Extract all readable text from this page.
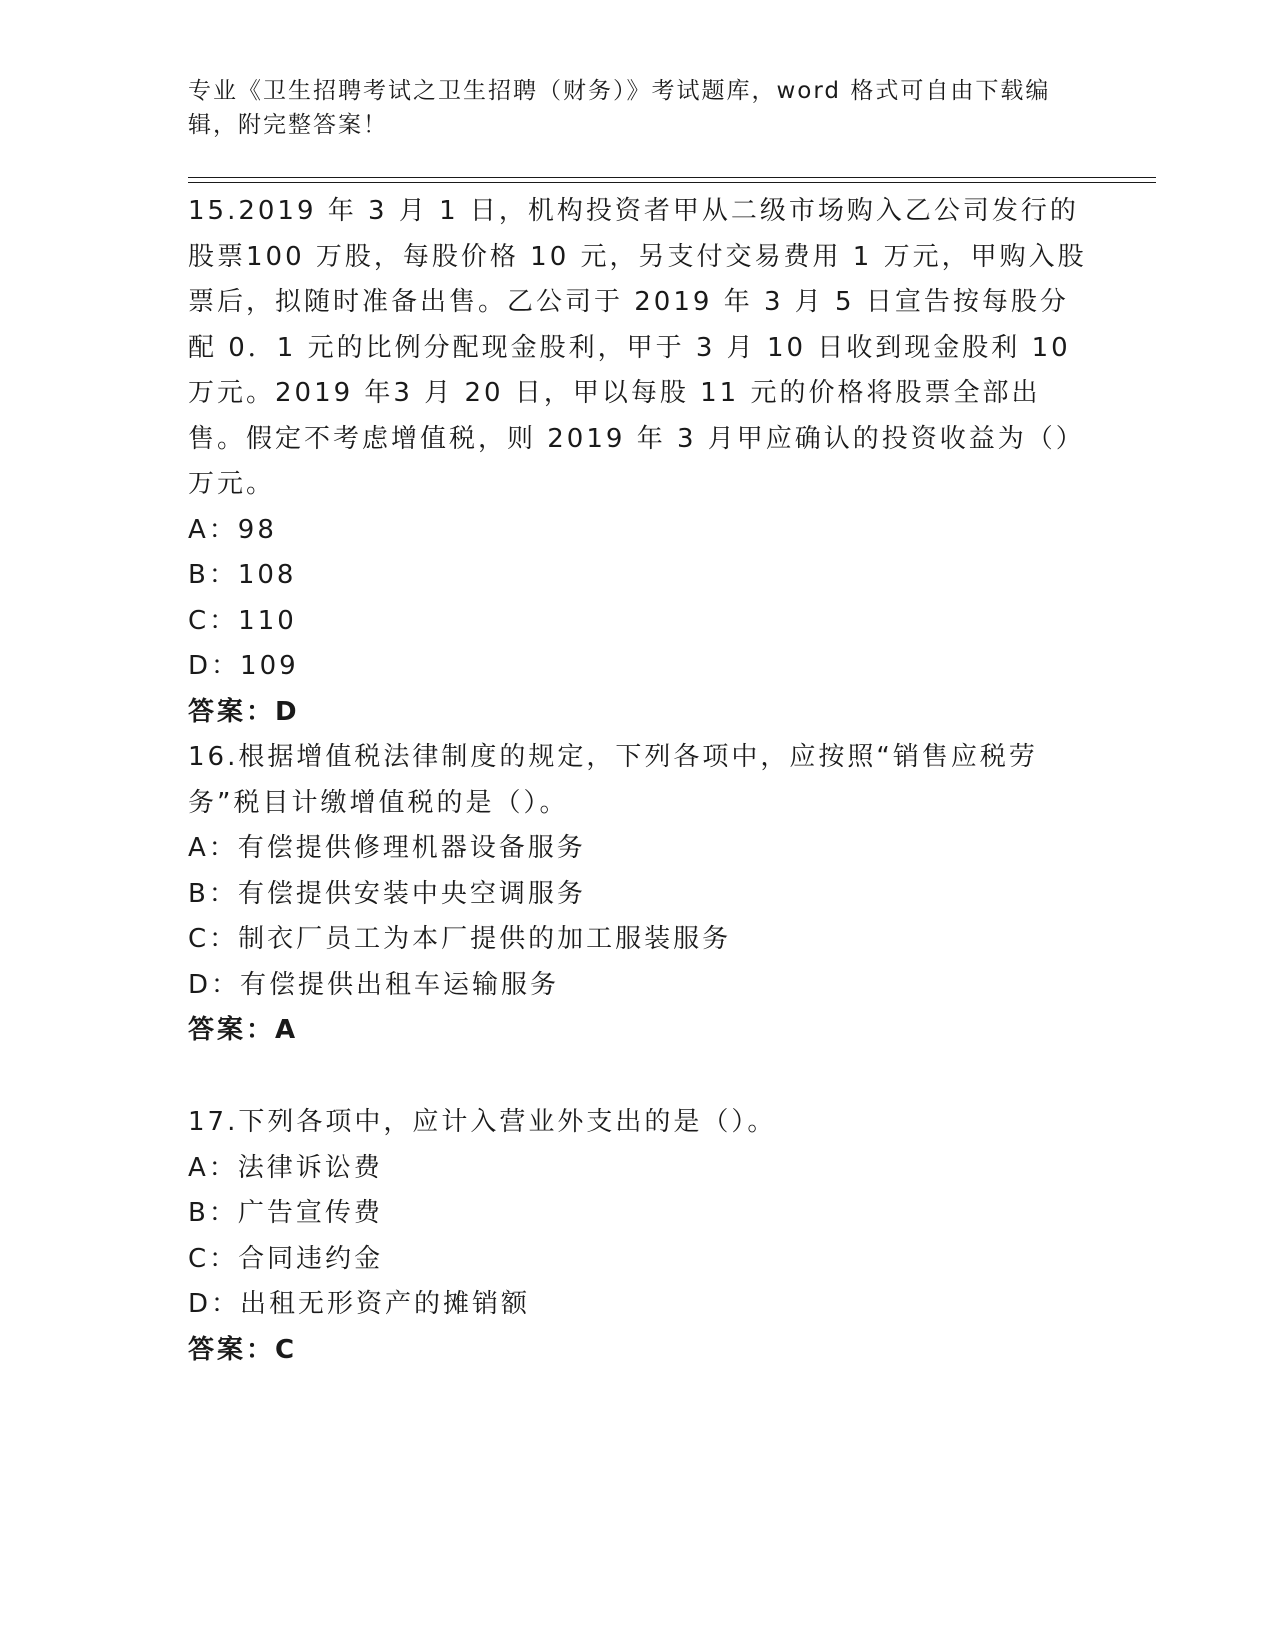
专业《卫生招聘考试之卫生招聘（财务）》考试题库，word 格式可自由下载编辑，附完整答案！
15.2019 年 3 月 1 日，机构投资者甲从二级市场购入乙公司发行的股票100 万股，每股价格 10 元，另支付交易费用 1 万元，甲购入股票后，拟随时准备出售。乙公司于 2019 年 3 月 5 日宣告按每股分配 0．1 元的比例分配现金股利，甲于 3 月 10 日收到现金股利 10 万元。2019 年3 月 20 日，甲以每股 11 元的价格将股票全部出售。假定不考虑增值税，则 2019 年 3 月甲应确认的投资收益为（）万元。
A：98
B：108
C：110
D：109
答案：D
16.根据增值税法律制度的规定，下列各项中，应按照“销售应税劳务”税目计缴增值税的是（）。
A：有偿提供修理机器设备服务
B：有偿提供安装中央空调服务
C：制衣厂员工为本厂提供的加工服装服务
D：有偿提供出租车运输服务
答案：A
17.下列各项中，应计入营业外支出的是（）。
A：法律诉讼费
B：广告宣传费
C：合同违约金
D：出租无形资产的摊销额
答案：C
